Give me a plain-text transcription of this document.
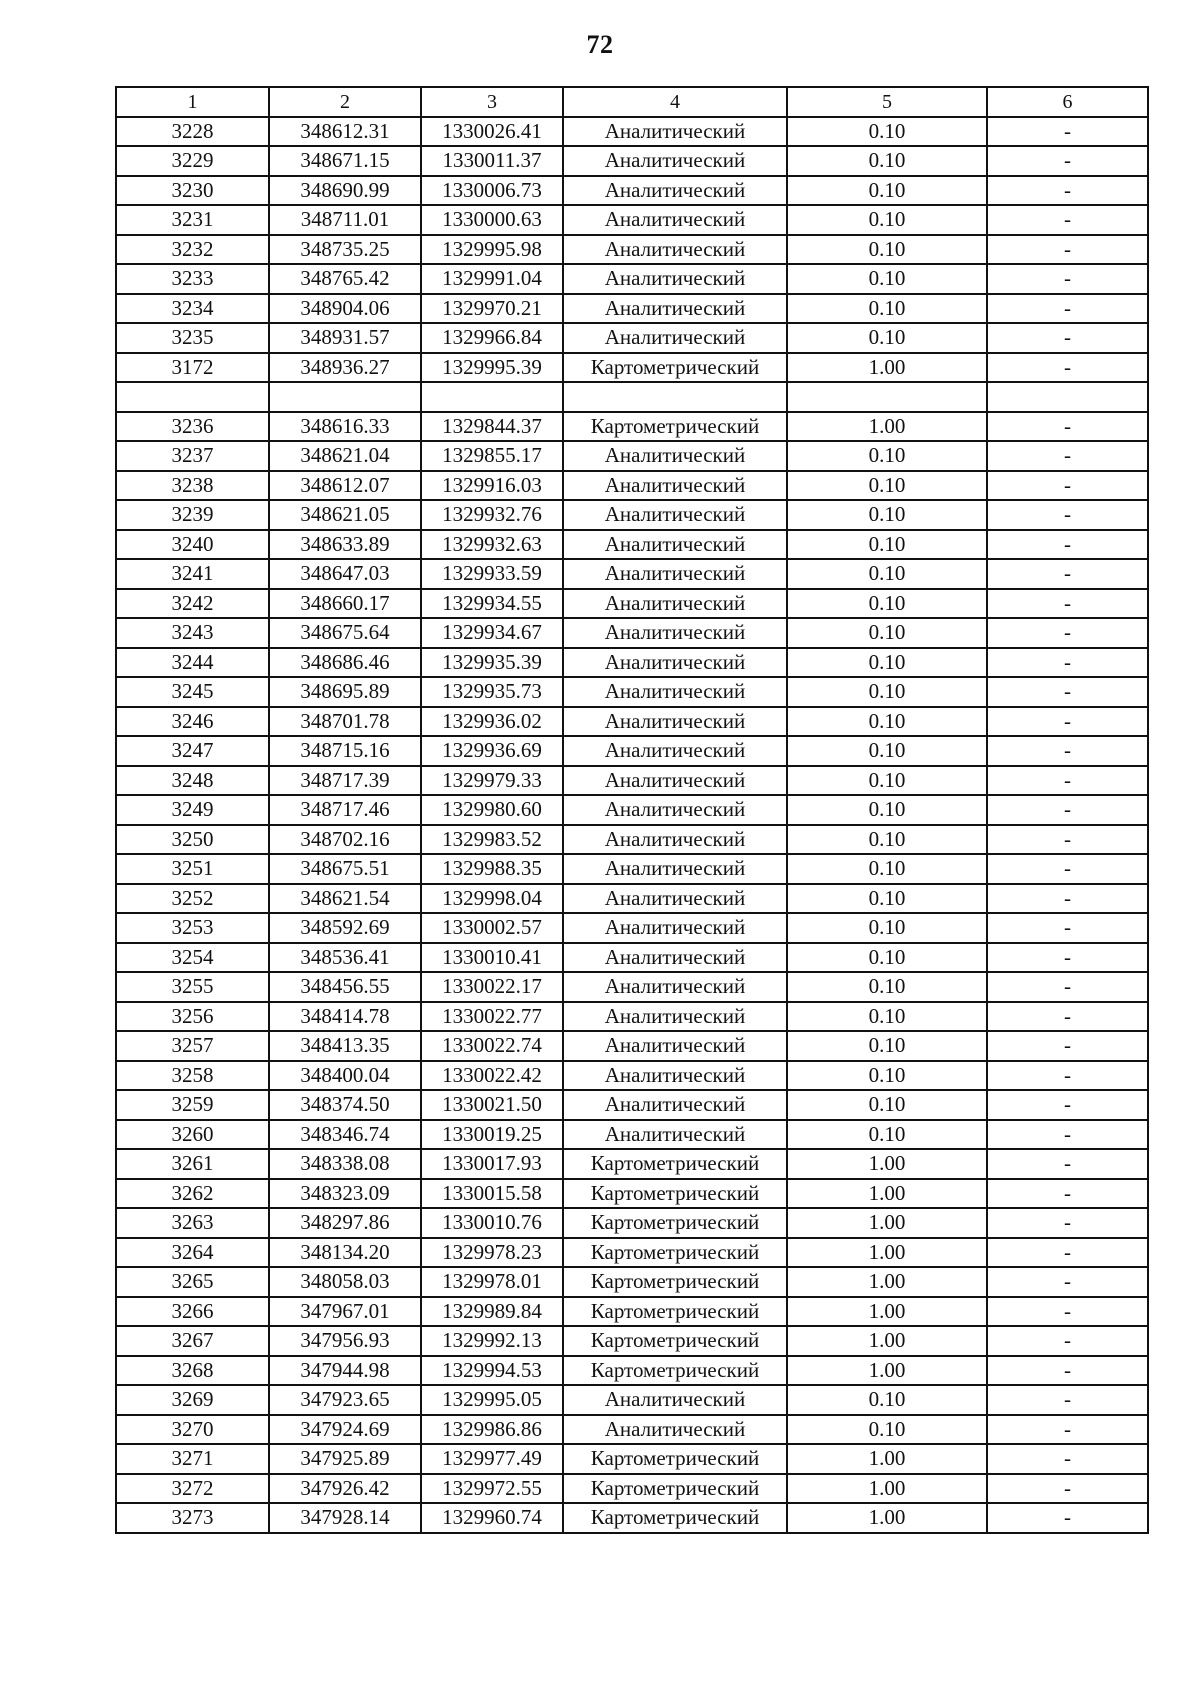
72
1	2	3	4	5	6
3228	348612.31	1330026.41	Аналитический	0.10	-
3229	348671.15	1330011.37	Аналитический	0.10	-
3230	348690.99	1330006.73	Аналитический	0.10	-
3231	348711.01	1330000.63	Аналитический	0.10	-
3232	348735.25	1329995.98	Аналитический	0.10	-
3233	348765.42	1329991.04	Аналитический	0.10	-
3234	348904.06	1329970.21	Аналитический	0.10	-
3235	348931.57	1329966.84	Аналитический	0.10	-
3172	348936.27	1329995.39	Картометрический	1.00	-

3236	348616.33	1329844.37	Картометрический	1.00	-
3237	348621.04	1329855.17	Аналитический	0.10	-
3238	348612.07	1329916.03	Аналитический	0.10	-
3239	348621.05	1329932.76	Аналитический	0.10	-
3240	348633.89	1329932.63	Аналитический	0.10	-
3241	348647.03	1329933.59	Аналитический	0.10	-
3242	348660.17	1329934.55	Аналитический	0.10	-
3243	348675.64	1329934.67	Аналитический	0.10	-
3244	348686.46	1329935.39	Аналитический	0.10	-
3245	348695.89	1329935.73	Аналитический	0.10	-
3246	348701.78	1329936.02	Аналитический	0.10	-
3247	348715.16	1329936.69	Аналитический	0.10	-
3248	348717.39	1329979.33	Аналитический	0.10	-
3249	348717.46	1329980.60	Аналитический	0.10	-
3250	348702.16	1329983.52	Аналитический	0.10	-
3251	348675.51	1329988.35	Аналитический	0.10	-
3252	348621.54	1329998.04	Аналитический	0.10	-
3253	348592.69	1330002.57	Аналитический	0.10	-
3254	348536.41	1330010.41	Аналитический	0.10	-
3255	348456.55	1330022.17	Аналитический	0.10	-
3256	348414.78	1330022.77	Аналитический	0.10	-
3257	348413.35	1330022.74	Аналитический	0.10	-
3258	348400.04	1330022.42	Аналитический	0.10	-
3259	348374.50	1330021.50	Аналитический	0.10	-
3260	348346.74	1330019.25	Аналитический	0.10	-
3261	348338.08	1330017.93	Картометрический	1.00	-
3262	348323.09	1330015.58	Картометрический	1.00	-
3263	348297.86	1330010.76	Картометрический	1.00	-
3264	348134.20	1329978.23	Картометрический	1.00	-
3265	348058.03	1329978.01	Картометрический	1.00	-
3266	347967.01	1329989.84	Картометрический	1.00	-
3267	347956.93	1329992.13	Картометрический	1.00	-
3268	347944.98	1329994.53	Картометрический	1.00	-
3269	347923.65	1329995.05	Аналитический	0.10	-
3270	347924.69	1329986.86	Аналитический	0.10	-
3271	347925.89	1329977.49	Картометрический	1.00	-
3272	347926.42	1329972.55	Картометрический	1.00	-
3273	347928.14	1329960.74	Картометрический	1.00	-
